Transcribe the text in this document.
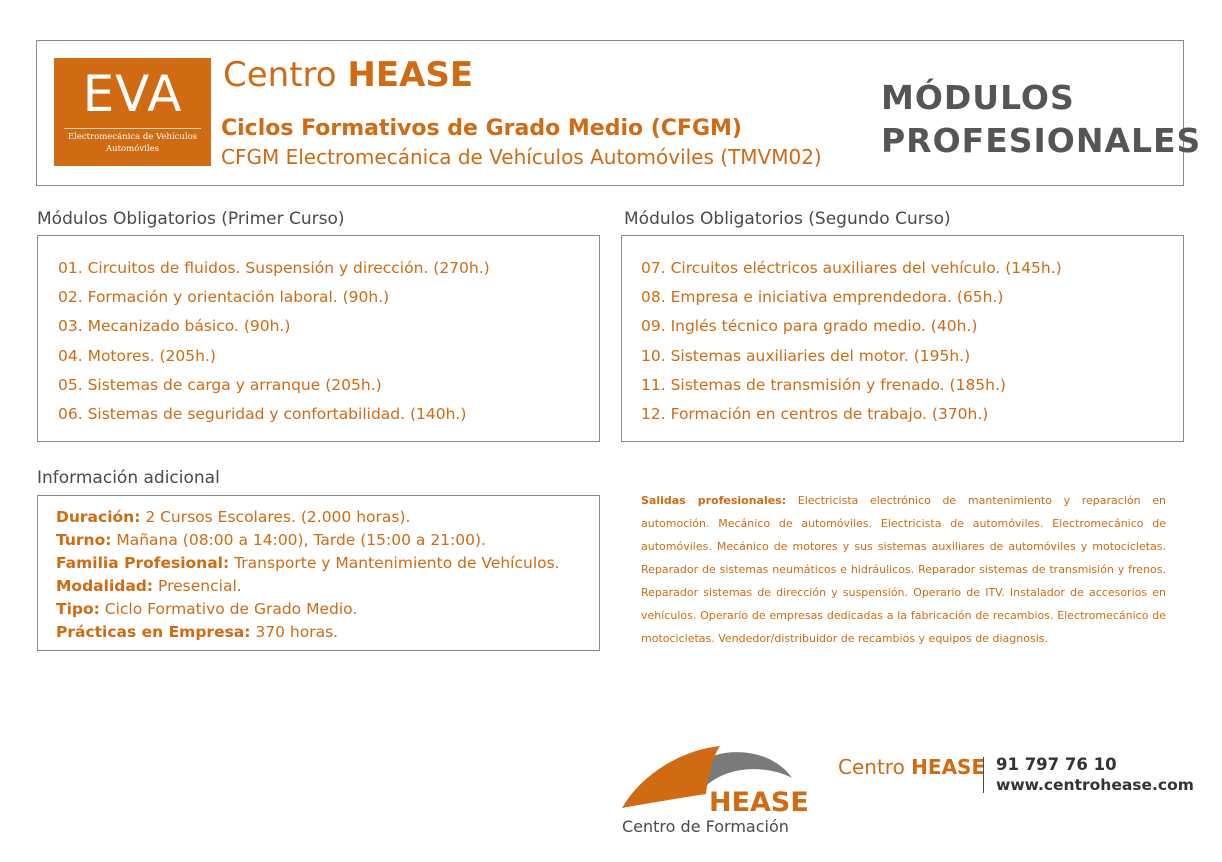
EVA
Electromecánica de Vehículos
Automóviles
Centro HEASE
Ciclos Formativos de Grado Medio (CFGM)
CFGM Electromecánica de Vehículos Automóviles (TMVM02)
MÓDULOS
PROFESIONALES
Módulos Obligatorios (Primer Curso)
01. Circuitos de fluidos. Suspensión y dirección. (270h.)
02. Formación y orientación laboral. (90h.)
03. Mecanizado básico. (90h.)
04. Motores. (205h.)
05. Sistemas de carga y arranque (205h.)
06. Sistemas de seguridad y confortabilidad. (140h.)
Módulos Obligatorios (Segundo Curso)
07. Circuitos eléctricos auxiliares del vehículo. (145h.)
08. Empresa e iniciativa emprendedora. (65h.)
09. Inglés técnico para grado medio. (40h.)
10. Sistemas auxiliaries del motor. (195h.)
11. Sistemas de transmisión y frenado. (185h.)
12. Formación en centros de trabajo. (370h.)
Información adicional
Duración: 2 Cursos Escolares. (2.000 horas).
Turno: Mañana (08:00 a 14:00), Tarde (15:00 a 21:00).
Familia Profesional: Transporte y Mantenimiento de Vehículos.
Modalidad: Presencial.
Tipo: Ciclo Formativo de Grado Medio.
Prácticas en Empresa: 370 horas.
Salidas profesionales: Electricista electrónico de mantenimiento y reparación en automoción. Mecánico de automóviles. Electricista de automóviles. Electromecánico de automóviles. Mecánico de motores y sus sistemas auxiliares de automóviles y motocicletas. Reparador de sistemas neumáticos e hidráulicos. Reparador sistemas de transmisión y frenos. Reparador sistemas de dirección y suspensión. Operario de ITV. Instalador de accesorios en vehículos. Operario de empresas dedicadas a la fabricación de recambios. Electromecánico de motocicletas. Vendedor/distribuidor de recambios y equipos de diagnosis.
HEASE
Centro de Formación
Centro HEASE 91 797 76 10
www.centrohease.com
